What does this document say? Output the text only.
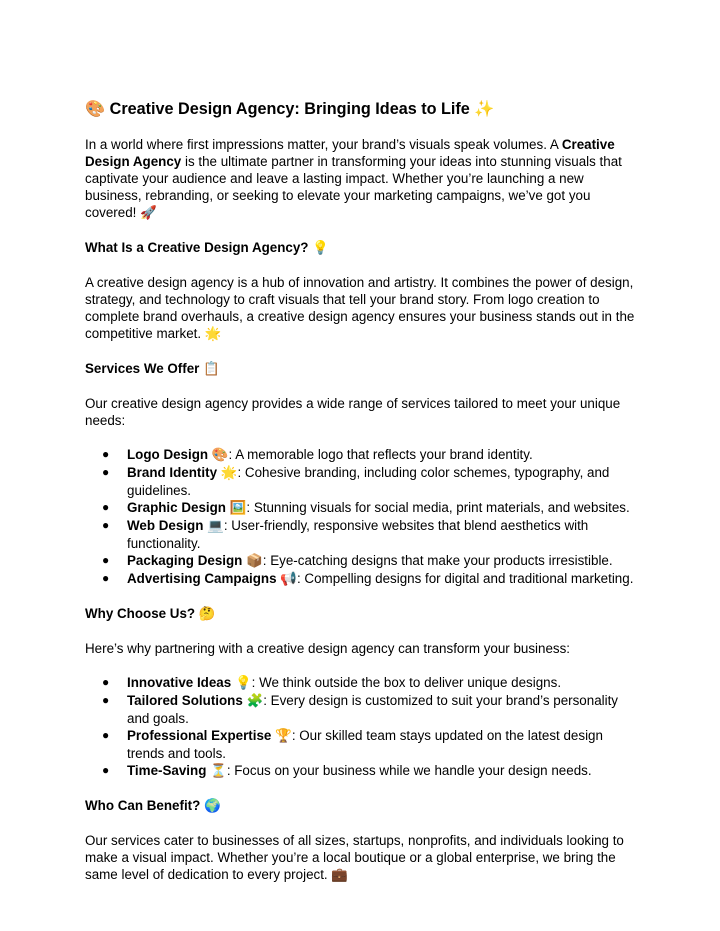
🎨 Creative Design Agency: Bringing Ideas to Life ✨

In a world where first impressions matter, your brand’s visuals speak volumes. A Creative Design Agency is the ultimate partner in transforming your ideas into stunning visuals that captivate your audience and leave a lasting impact. Whether you’re launching a new business, rebranding, or seeking to elevate your marketing campaigns, we’ve got you covered! 🚀

What Is a Creative Design Agency? 💡

A creative design agency is a hub of innovation and artistry. It combines the power of design, strategy, and technology to craft visuals that tell your brand story. From logo creation to complete brand overhauls, a creative design agency ensures your business stands out in the competitive market. 🌟

Services We Offer 📋

Our creative design agency provides a wide range of services tailored to meet your unique needs:

● Logo Design 🎨: A memorable logo that reflects your brand identity.
● Brand Identity 🌟: Cohesive branding, including color schemes, typography, and guidelines.
● Graphic Design 🖼️: Stunning visuals for social media, print materials, and websites.
● Web Design 💻: User-friendly, responsive websites that blend aesthetics with functionality.
● Packaging Design 📦: Eye-catching designs that make your products irresistible.
● Advertising Campaigns 📢: Compelling designs for digital and traditional marketing.
Why Choose Us? 🤔

Here’s why partnering with a creative design agency can transform your business:

● Innovative Ideas 💡: We think outside the box to deliver unique designs.
● Tailored Solutions 🧩: Every design is customized to suit your brand’s personality and goals.
● Professional Expertise 🏆: Our skilled team stays updated on the latest design trends and tools.
● Time-Saving ⏳: Focus on your business while we handle your design needs.
Who Can Benefit? 🌍

Our services cater to businesses of all sizes, startups, nonprofits, and individuals looking to make a visual impact. Whether you’re a local boutique or a global enterprise, we bring the same level of dedication to every project. 💼
